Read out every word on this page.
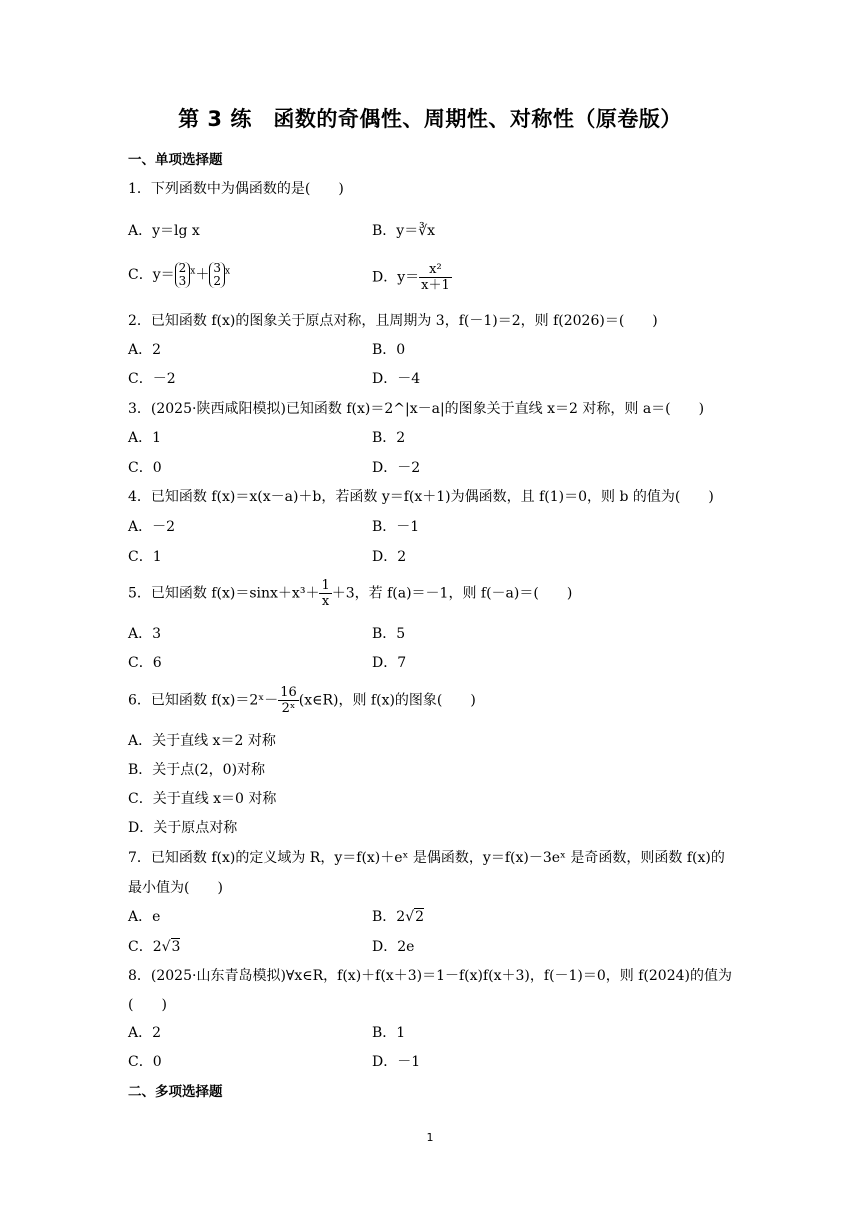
第 3 练　函数的奇偶性、周期性、对称性（原卷版）
一、单项选择题
1．下列函数中为偶函数的是(　　)
A．y＝lg x	B．y＝∛x
C．y＝ 2
3
$^x$＋ 3
2
$^x$	D．$y= \frac{\text{x²}}{x+1}$
2．已知函数 f(x)的图象关于原点对称，且周期为 3，f(－1)＝2，则 f(2026)＝(　　)
A．2	B．0
C．－2	D．－4
3．(2025·陕西咸阳模拟)已知函数 f(x)＝2^|x－a|的图象关于直线 x＝2 对称，则 a＝(　　)
A．1	B．2
C．0	D．－2
4．已知函数 f(x)＝x(x－a)＋b，若函数 y＝f(x＋1)为偶函数，且 f(1)＝0，则 b 的值为(　　)
A．－2	B．－1
C．1	D．2
5．已知函数 $f(x)=\sin x+x^3+ \frac{1}{x} +3$，若 f(a)＝－1，则 f(－a)＝(　　)
A．3	B．5
C．6	D．7
6．已知函数 f(x)＝2ˣ－ $\frac{16}{\text{2ˣ}}$ (x∈R)，则 f(x)的图象(　　)
A．关于直线 x＝2 对称
B．关于点(2，0)对称
C．关于直线 x＝0 对称
D．关于原点对称
7．已知函数 f(x)的定义域为 R，y＝f(x)＋eˣ 是偶函数，y＝f(x)－3eˣ 是奇函数，则函数 f(x)的
最小值为(　　)
A．e	B．2√2
C．2√3	D．2e
8．(2025·山东青岛模拟)∀x∈R，f(x)＋f(x＋3)＝1－f(x)f(x＋3)，f(－1)＝0，则 f(2024)的值为
(　　)
A．2	B．1
C．0	D．－1
二、多项选择题
1
